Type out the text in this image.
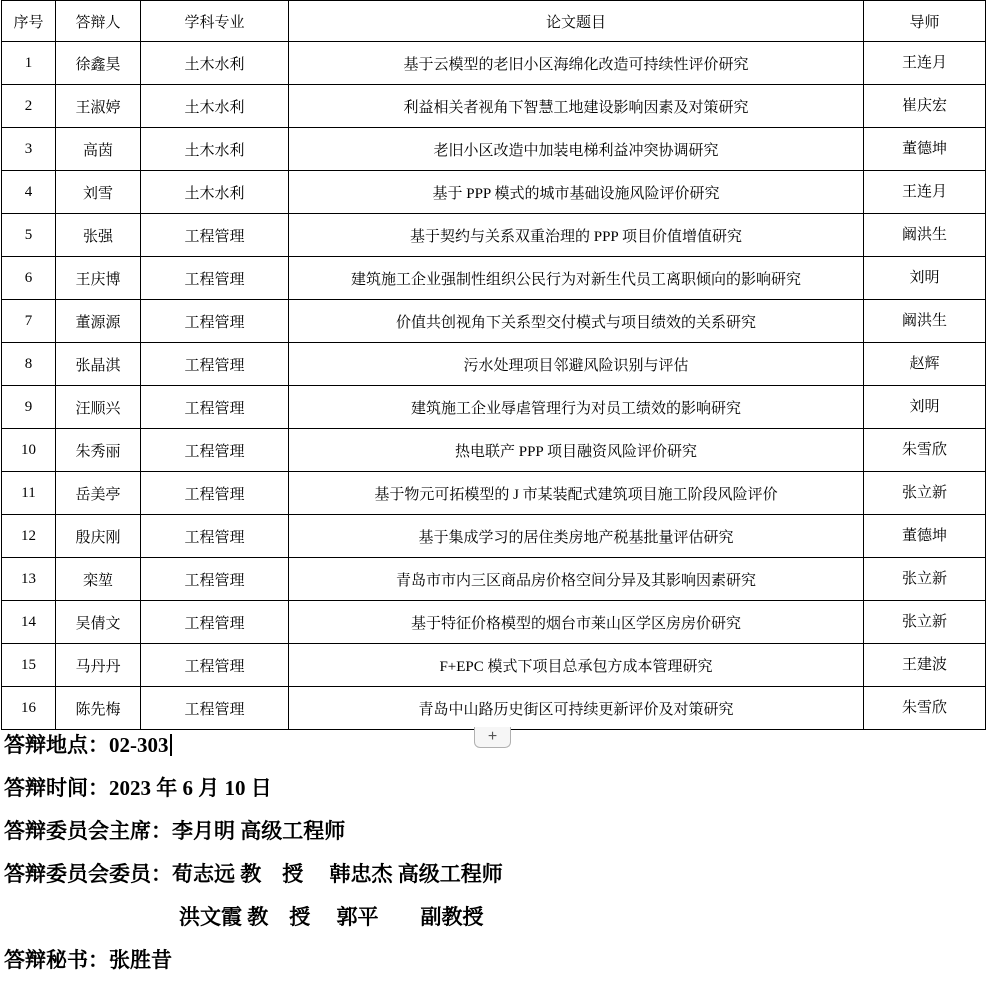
序号	答辩人	学科专业	论文题目	导师
1	徐鑫昊	土木水利	基于云模型的老旧小区海绵化改造可持续性评价研究	王连月
2	王淑婷	土木水利	利益相关者视角下智慧工地建设影响因素及对策研究	崔庆宏
3	高茵	土木水利	老旧小区改造中加装电梯利益冲突协调研究	董德坤
4	刘雪	土木水利	基于 PPP 模式的城市基础设施风险评价研究	王连月
5	张强	工程管理	基于契约与关系双重治理的 PPP 项目价值增值研究	阚洪生
6	王庆博	工程管理	建筑施工企业强制性组织公民行为对新生代员工离职倾向的影响研究	刘明
7	董源源	工程管理	价值共创视角下关系型交付模式与项目绩效的关系研究	阚洪生
8	张晶淇	工程管理	污水处理项目邻避风险识别与评估	赵辉
9	汪顺兴	工程管理	建筑施工企业辱虐管理行为对员工绩效的影响研究	刘明
10	朱秀丽	工程管理	热电联产 PPP 项目融资风险评价研究	朱雪欣
11	岳美亭	工程管理	基于物元可拓模型的 J 市某装配式建筑项目施工阶段风险评价	张立新
12	殷庆刚	工程管理	基于集成学习的居住类房地产税基批量评估研究	董德坤
13	栾堃	工程管理	青岛市市内三区商品房价格空间分异及其影响因素研究	张立新
14	吴倩文	工程管理	基于特征价格模型的烟台市莱山区学区房房价研究	张立新
15	马丹丹	工程管理	F+EPC 模式下项目总承包方成本管理研究	王建波
16	陈先梅	工程管理	青岛中山路历史街区可持续更新评价及对策研究	朱雪欣
+
答辩地点：02-303
答辩时间：2023 年 6 月 10 日
答辩委员会主席：李月明 高级工程师
答辩委员会委员：荀志远 教　授　 韩忠杰 高级工程师
洪文霞 教　授　 郭平　　副教授
答辩秘书：张胜昔
